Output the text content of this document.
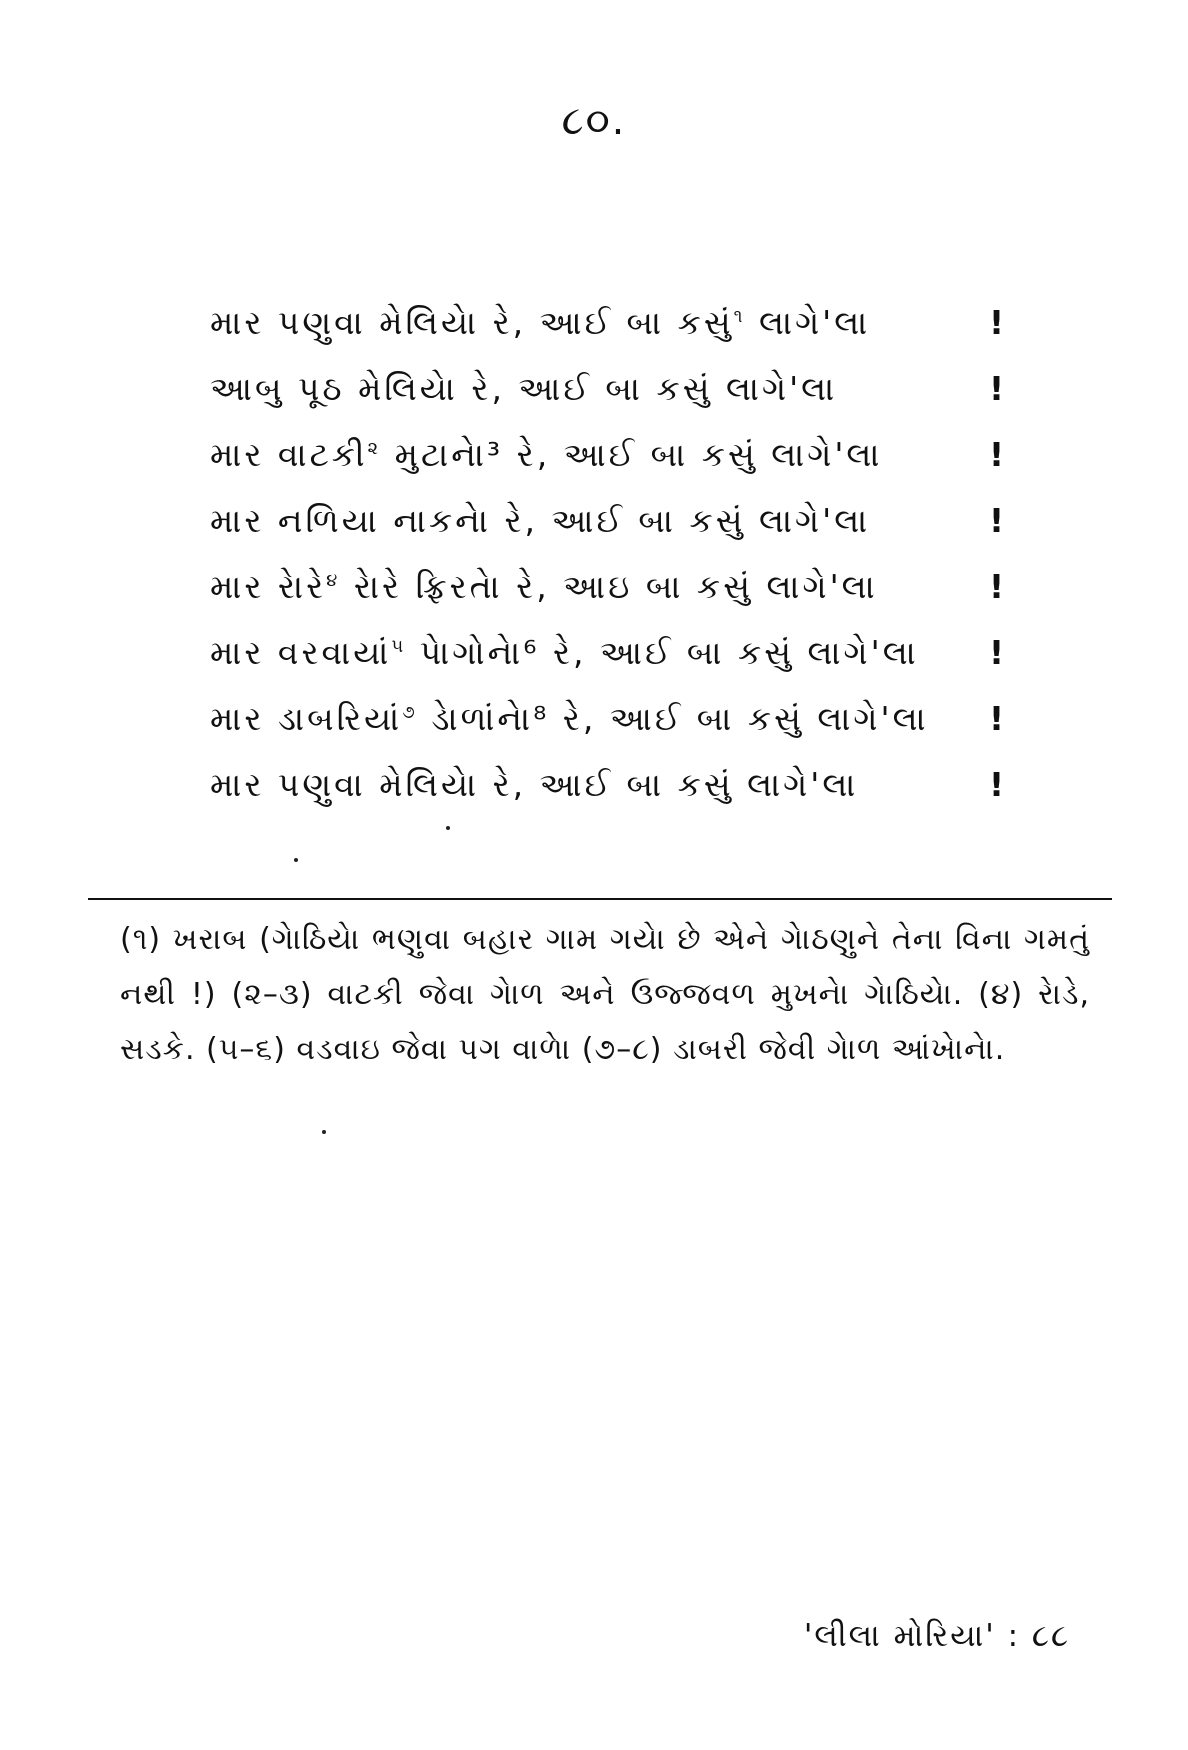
૮૦.
માર પણુવા મેલિયેા રે, આઈ બા કસું$^૧$ લાગે'લા	!
આબુ પૂઠ મેલિયેા રે, આઈ બા કસું લાગે'લા	!
માર વાટકી$^૨$ મુટાનેા³ રે, આઈ બા કસું લાગે'લા	!
માર નળિયા નાકનેા રે, આઈ બા કસું લાગે'લા	!
માર રેારે$^૪$ રેારે ફ્રિરતેા રે, આઇ બા કસું લાગે'લા	!
માર વરવાયાં$^૫$ પેાગોનેા⁶ રે, આઈ બા કસું લાગે'લા !
માર ડાબરિયાં$^૭$ ડેાળાંનેા⁸ રે, આઈ બા કસું લાગે'લા !
માર પણુવા મેલિયેા રે, આઈ બા કસું લાગે'લા	!
(૧) ખરાબ (ગેાઠિયેા ભણુવા બહાર ગામ ગયેા છે એને ગેાઠણુને તેના વિના ગમતું નથી !) (૨–૩) વાટકી જેવા ગેાળ અને ઉજ્જવળ મુખનેા ગેાઠિયેા. (૪) રેાડે, સડકે. (૫–૬) વડવાઇ જેવા પગ વાળેા (૭–૮) ડાબરી જેવી ગેાળ આંખેાનેા.
'લીલા મોરિયા' : ૮૮
